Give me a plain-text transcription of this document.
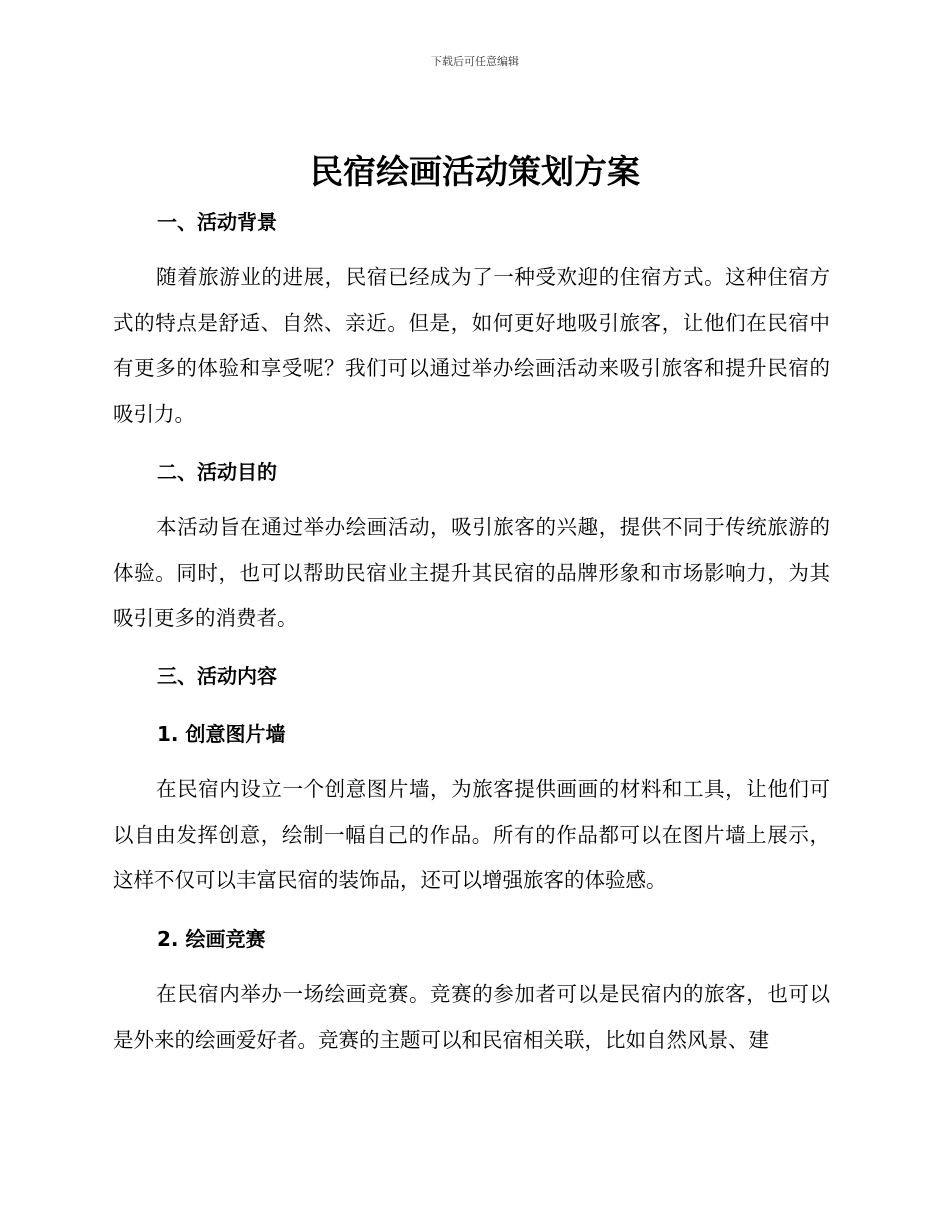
下载后可任意编辑
民宿绘画活动策划方案
一、活动背景

随着旅游业的进展，民宿已经成为了一种受欢迎的住宿方式。这种住宿方式的特点是舒适、自然、亲近。但是，如何更好地吸引旅客，让他们在民宿中有更多的体验和享受呢？我们可以通过举办绘画活动来吸引旅客和提升民宿的吸引力。

二、活动目的

本活动旨在通过举办绘画活动，吸引旅客的兴趣，提供不同于传统旅游的体验。同时，也可以帮助民宿业主提升其民宿的品牌形象和市场影响力，为其吸引更多的消费者。

三、活动内容
1. 创意图片墙

在民宿内设立一个创意图片墙，为旅客提供画画的材料和工具，让他们可以自由发挥创意，绘制一幅自己的作品。所有的作品都可以在图片墙上展示，这样不仅可以丰富民宿的装饰品，还可以增强旅客的体验感。

2. 绘画竞赛

在民宿内举办一场绘画竞赛。竞赛的参加者可以是民宿内的旅客，也可以是外来的绘画爱好者。竞赛的主题可以和民宿相关联，比如自然风景、建
